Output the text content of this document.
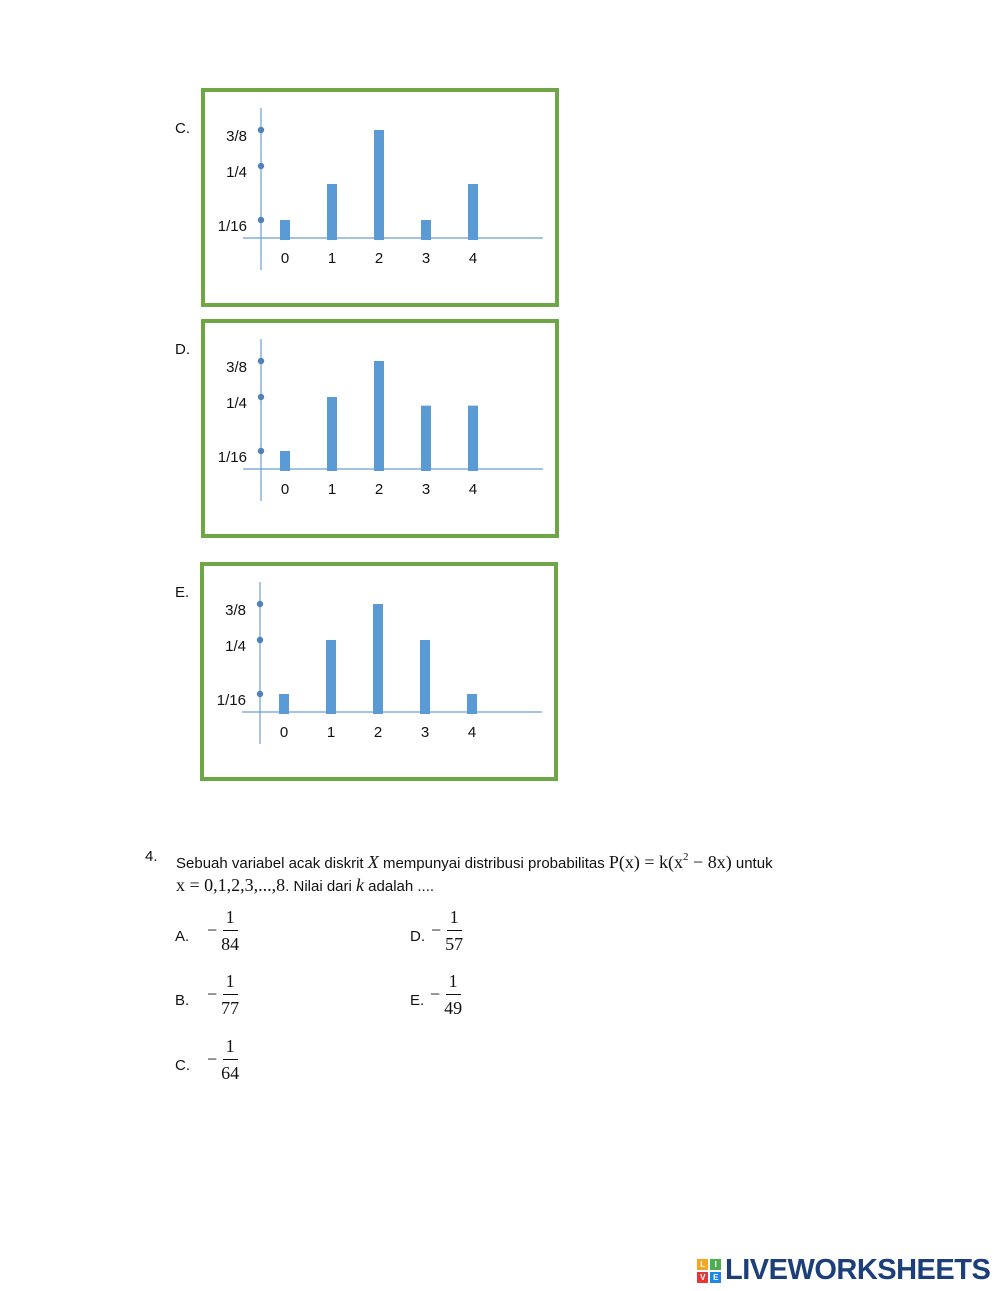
C. 3/8
1/4
1/16
0	1	2	3	4
D.
3/8
1/4
1/16
0	1	2	3	4
E.
3/8
1/4
1/16
0	1	2	3	4
4. Sebuah variabel acak diskrit X mempunyai distribusi probabilitas $P(x) = k(x^2 - 8x)$ untuk
x = 0,1,2,3,...,8. Nilai dari k adalah ....
A. − $\frac{1}{84}$
B. − $\frac{1}{77}$
C. − $\frac{1}{64}$
D. − $\frac{1}{57}$
E. − $\frac{1}{49}$
L	I
V	E LIVEWORKSHEETS
